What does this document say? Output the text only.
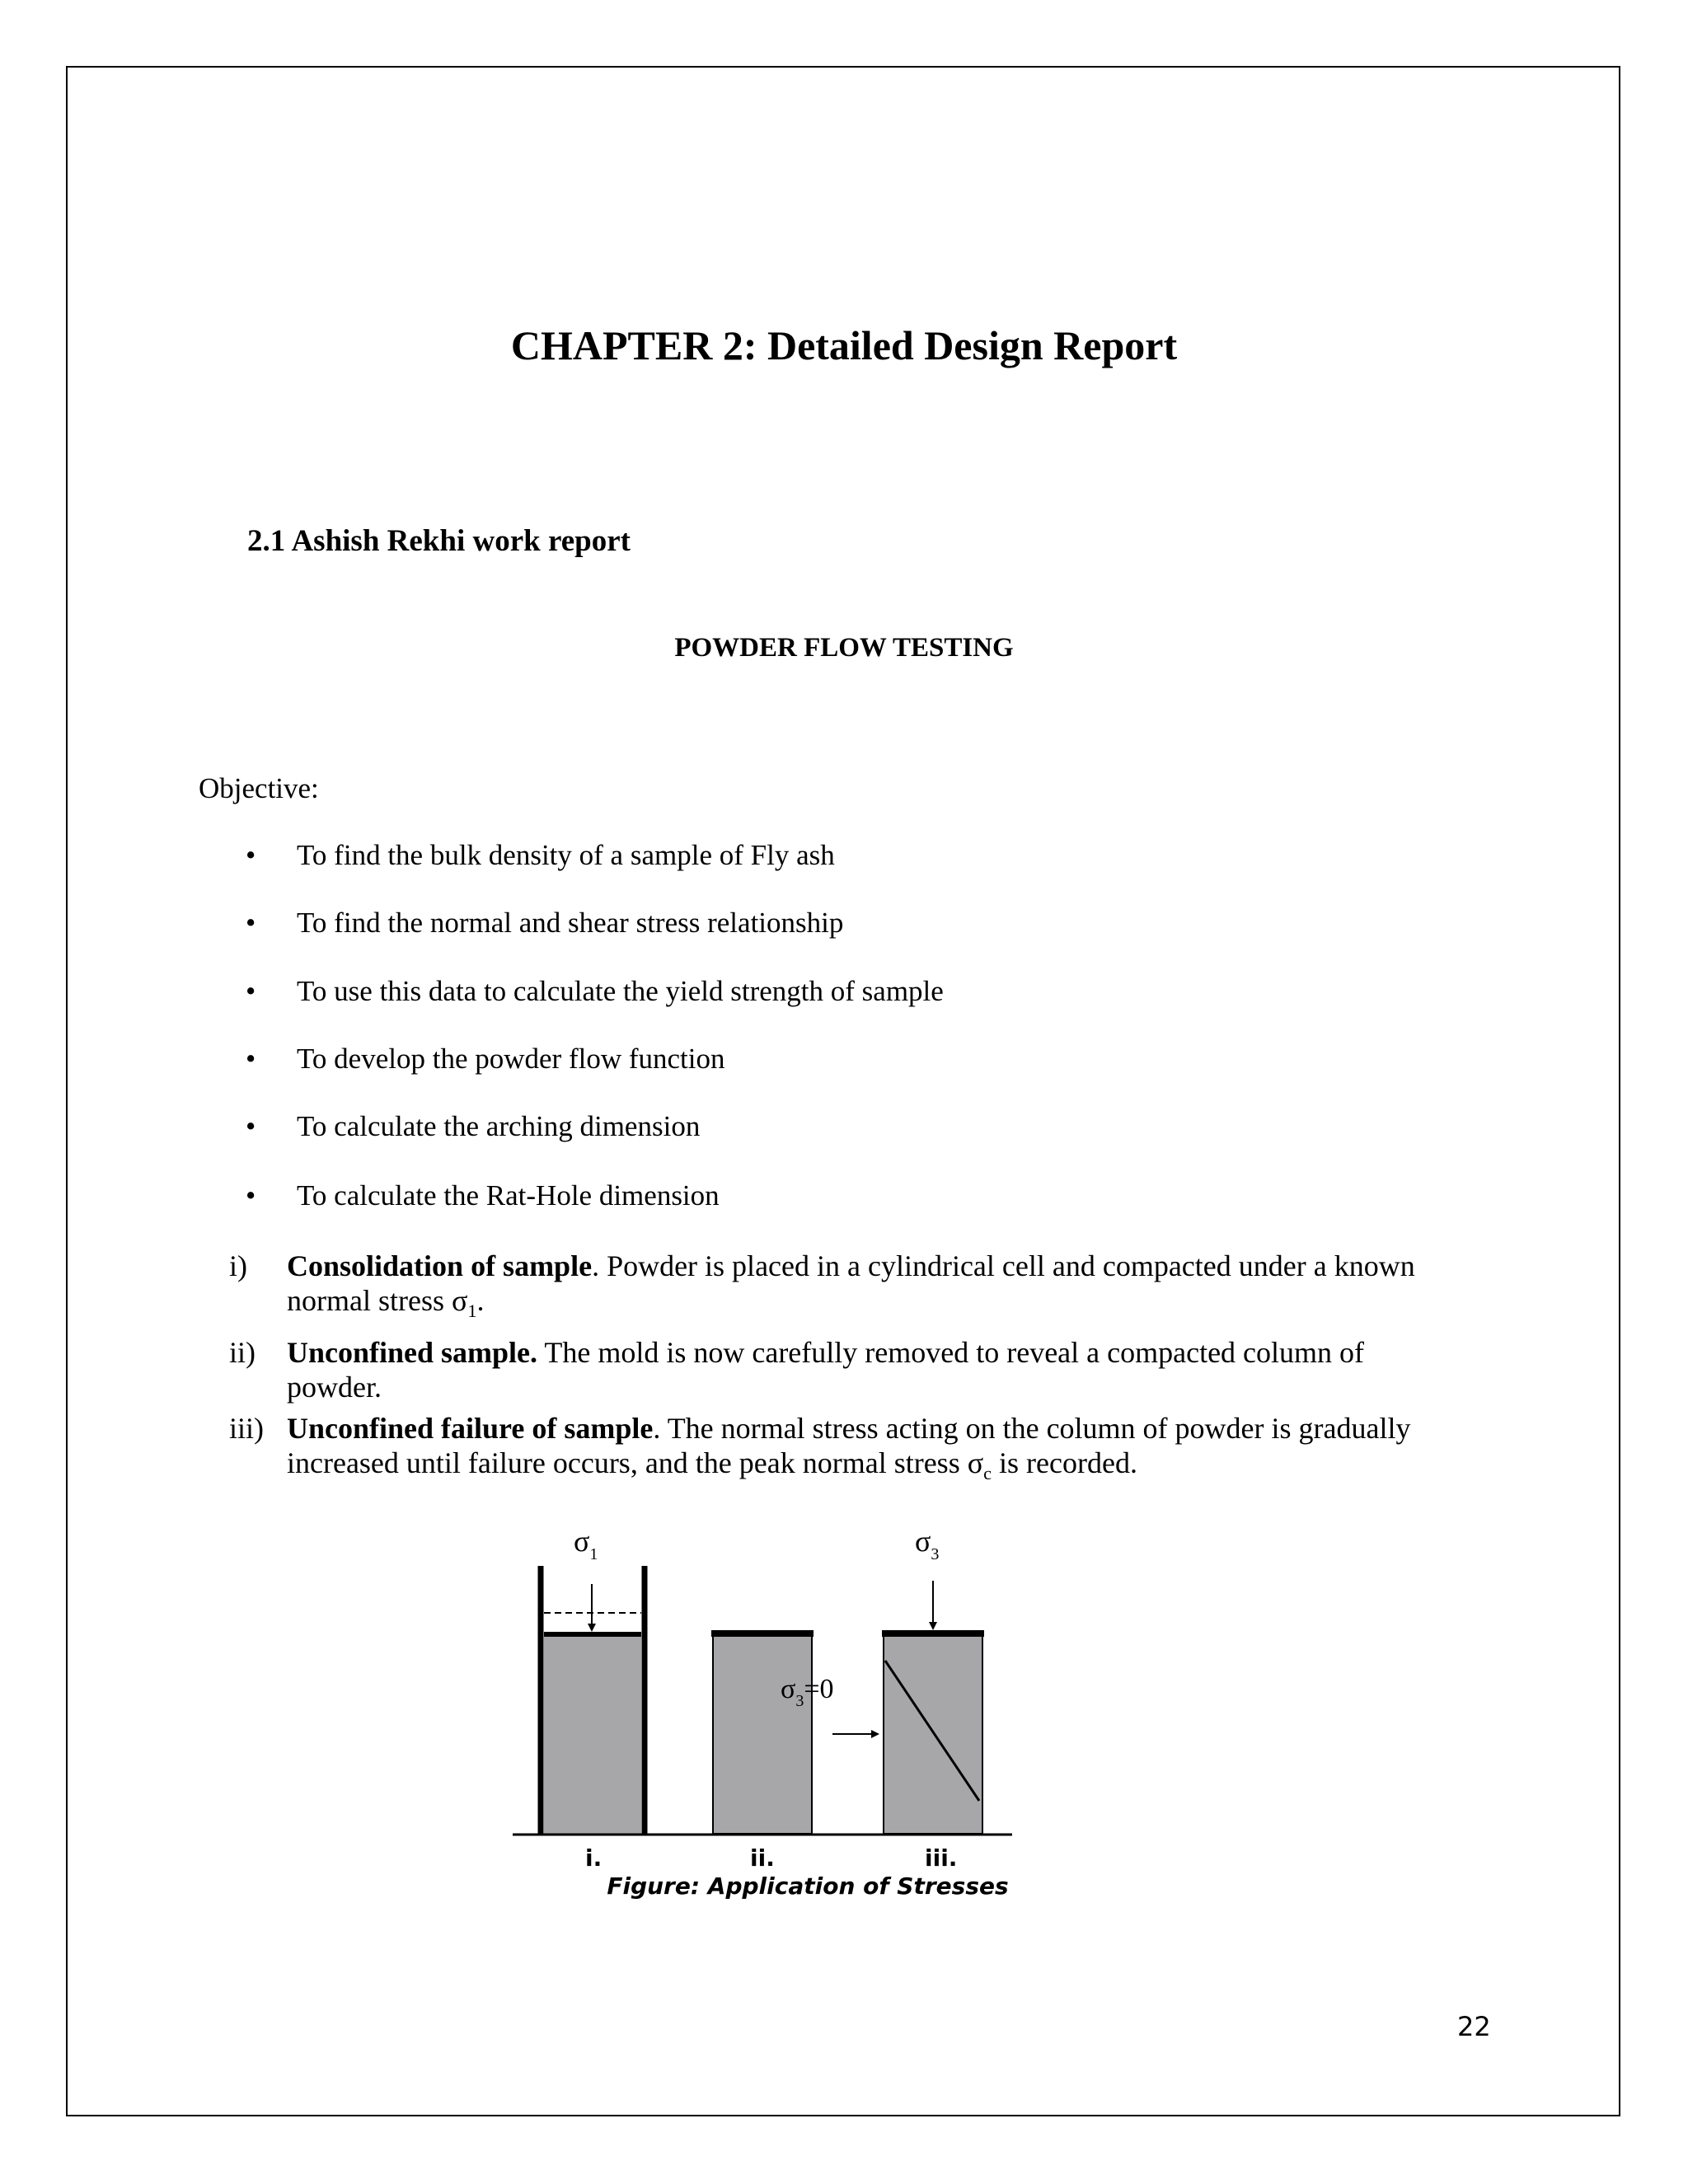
CHAPTER 2: Detailed Design Report
2.1 Ashish Rekhi work report
POWDER FLOW TESTING

Objective:

• To find the bulk density of a sample of Fly ash
• To find the normal and shear stress relationship
• To use this data to calculate the yield strength of sample
• To develop the powder flow function
• To calculate the arching dimension
• To calculate the Rat-Hole dimension
i) Consolidation of sample. Powder is placed in a cylindrical cell and compacted under a known normal stress $\sigma_1$.
ii) Unconfined sample. The mold is now carefully removed to reveal a compacted column of powder.
iii) Unconfined failure of sample. The normal stress acting on the column of powder is gradually increased until failure occurs, and the peak normal stress $\sigma_c$ is recorded.
$\sigma_1$
$\sigma_3=0$
$\sigma_3$
i.	ii.	iii.

Figure: Application of Stresses

22
